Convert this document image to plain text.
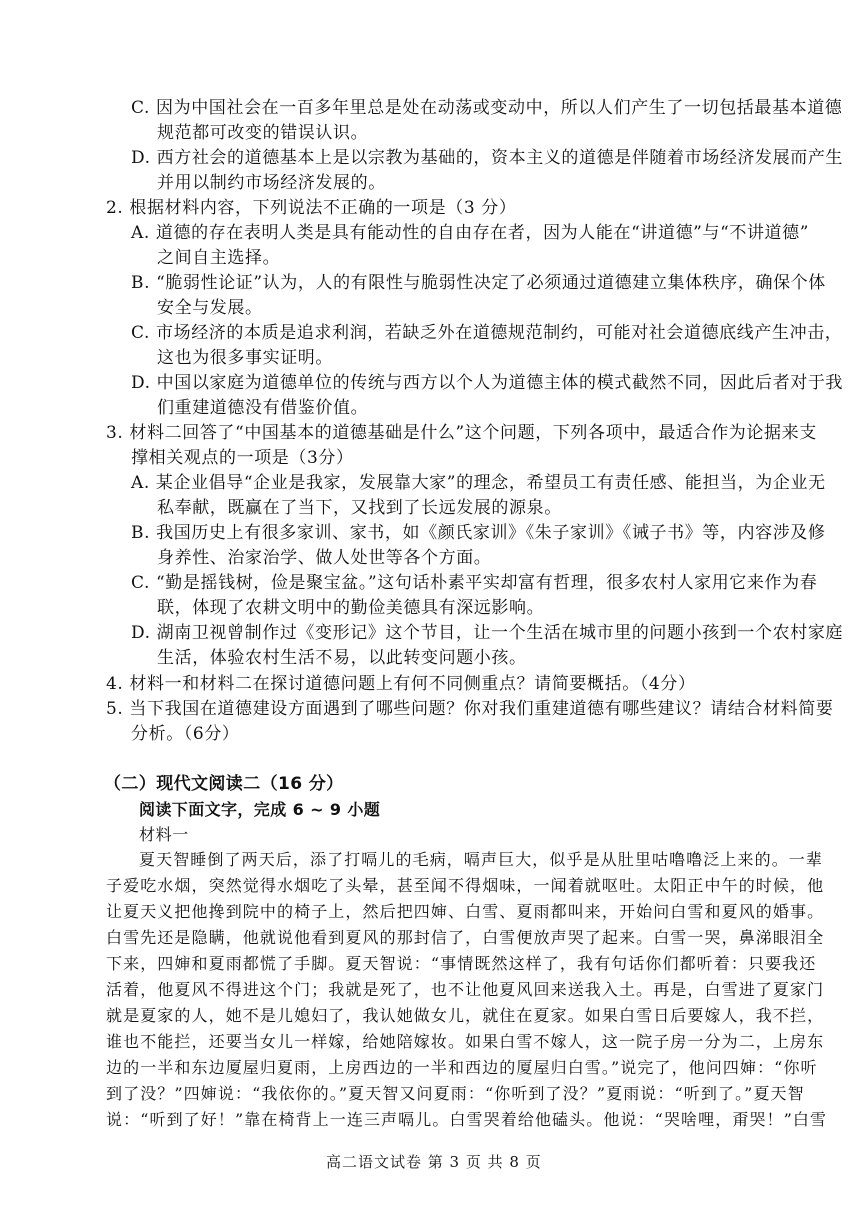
C. 因为中国社会在一百多年里总是处在动荡或变动中，所以人们产生了一切包括最基本道德
规范都可改变的错误认识。
D. 西方社会的道德基本上是以宗教为基础的，资本主义的道德是伴随着市场经济发展而产生
并用以制约市场经济发展的。
2. 根据材料内容，下列说法不正确的一项是（3 分）
A. 道德的存在表明人类是具有能动性的自由存在者，因为人能在“讲道德”与“不讲道德”
之间自主选择。
B. “脆弱性论证”认为，人的有限性与脆弱性决定了必须通过道德建立集体秩序，确保个体
安全与发展。
C. 市场经济的本质是追求利润，若缺乏外在道德规范制约，可能对社会道德底线产生冲击，
这也为很多事实证明。
D. 中国以家庭为道德单位的传统与西方以个人为道德主体的模式截然不同，因此后者对于我
们重建道德没有借鉴价值。
3. 材料二回答了“中国基本的道德基础是什么”这个问题，下列各项中，最适合作为论据来支
撑相关观点的一项是（3分）
A. 某企业倡导“企业是我家，发展靠大家”的理念，希望员工有责任感、能担当，为企业无
私奉献，既赢在了当下，又找到了长远发展的源泉。
B. 我国历史上有很多家训、家书，如《颜氏家训》《朱子家训》《诫子书》等，内容涉及修
身养性、治家治学、做人处世等各个方面。
C. “勤是摇钱树，俭是聚宝盆。”这句话朴素平实却富有哲理，很多农村人家用它来作为春
联，体现了农耕文明中的勤俭美德具有深远影响。
D. 湖南卫视曾制作过《变形记》这个节目，让一个生活在城市里的问题小孩到一个农村家庭
生活，体验农村生活不易，以此转变问题小孩。
4. 材料一和材料二在探讨道德问题上有何不同侧重点？请简要概括。（4分）
5. 当下我国在道德建设方面遇到了哪些问题？你对我们重建道德有哪些建议？请结合材料简要
分析。（6分）
（二）现代文阅读二（16 分）
阅读下面文字，完成 6 ~ 9 小题
材料一
夏天智睡倒了两天后，添了打嗝儿的毛病，嗝声巨大，似乎是从肚里咕噜噜泛上来的。一辈
子爱吃水烟，突然觉得水烟吃了头晕，甚至闻不得烟味，一闻着就呕吐。太阳正中午的时候，他
让夏天义把他搀到院中的椅子上，然后把四婶、白雪、夏雨都叫来，开始问白雪和夏风的婚事。
白雪先还是隐瞒，他就说他看到夏风的那封信了，白雪便放声哭了起来。白雪一哭，鼻涕眼泪全
下来，四婶和夏雨都慌了手脚。夏天智说：“事情既然这样了，我有句话你们都听着：只要我还
活着，他夏风不得进这个门；我就是死了，也不让他夏风回来送我入土。再是，白雪进了夏家门
就是夏家的人，她不是儿媳妇了，我认她做女儿，就住在夏家。如果白雪日后要嫁人，我不拦，
谁也不能拦，还要当女儿一样嫁，给她陪嫁妆。如果白雪不嫁人，这一院子房一分为二，上房东
边的一半和东边厦屋归夏雨，上房西边的一半和西边的厦屋归白雪。”说完了，他问四婶：“你听
到了没？”四婶说：“我依你的。”夏天智又问夏雨：“你听到了没？”夏雨说：“听到了。”夏天智
说：“听到了好！”靠在椅背上一连三声嗝儿。白雪哭着给他磕头。他说：“哭啥哩，甭哭！”白雪
高二语文试卷 第 3 页 共 8 页
